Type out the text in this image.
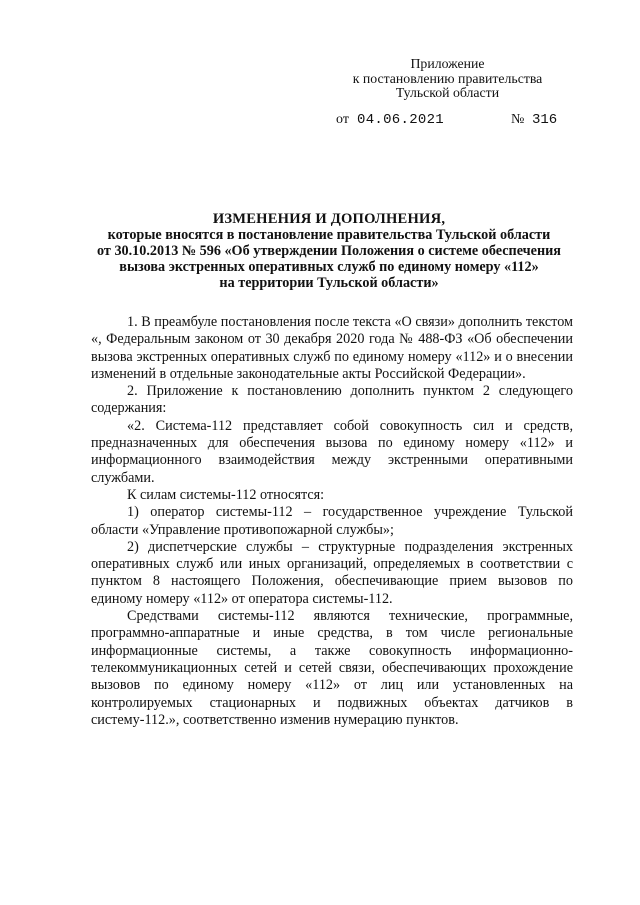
Приложение
к постановлению правительства
Тульской области
от 04.06.2021	№ 316
ИЗМЕНЕНИЯ И ДОПОЛНЕНИЯ,
которые вносятся в постановление правительства Тульской области
от 30.10.2013 № 596 «Об утверждении Положения о системе обеспечения
вызова экстренных оперативных служб по единому номеру «112»
на территории Тульской области»

1. В преамбуле постановления после текста «О связи» дополнить текстом «, Федеральным законом от 30 декабря 2020 года № 488-ФЗ «Об обеспечении вызова экстренных оперативных служб по единому номеру «112» и о внесении изменений в отдельные законодательные акты Российской Федерации».

2. Приложение к постановлению дополнить пунктом 2 следующего содержания:

«2. Система-112 представляет собой совокупность сил и средств, предназначенных для обеспечения вызова по единому номеру «112» и информационного взаимодействия между экстренными оперативными службами.

К силам системы-112 относятся:

1) оператор системы-112 – государственное учреждение Тульской области «Управление противопожарной службы»;

2) диспетчерские службы – структурные подразделения экстренных оперативных служб или иных организаций, определяемых в соответствии с пунктом 8 настоящего Положения, обеспечивающие прием вызовов по единому номеру «112» от оператора системы-112.

Средствами системы-112 являются технические, программные, программно-аппаратные и иные средства, в том числе региональные информационные системы, а также совокупность информационно-телекоммуникационных сетей и сетей связи, обеспечивающих прохождение вызовов по единому номеру «112» от лиц или установленных на контролируемых стационарных и подвижных объектах датчиков в систему-112.», соответственно изменив нумерацию пунктов.
